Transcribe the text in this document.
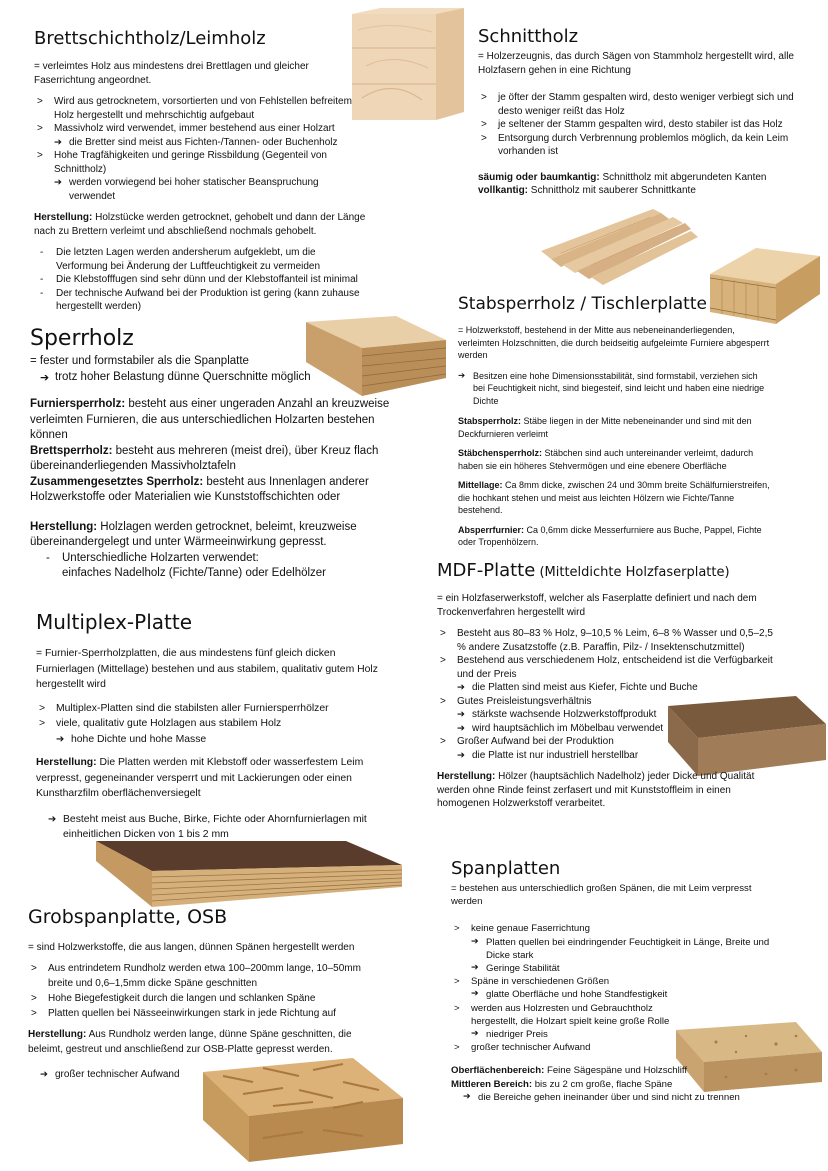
Brettschichtholz/Leimholz

= verleimtes Holz aus mindestens drei Brettlagen und gleicher Faserrichtung angeordnet.

> Wird aus getrocknetem, vorsortierten und von Fehlstellen befreitem Holz hergestellt und mehrschichtig aufgebaut
> Massivholz wird verwendet, immer bestehend aus einer Holzart
➔ die Bretter sind meist aus Fichten-/Tannen- oder Buchenholz
> Hohe Tragfähigkeiten und geringe Rissbildung (Gegenteil von Schnittholz)
➔ werden vorwiegend bei hoher statischer Beanspruchung verwendet

Herstellung: Holzstücke werden getrocknet, gehobelt und dann der Länge nach zu Brettern verleimt und abschließend nochmals gehobelt.

- Die letzten Lagen werden andersherum aufgeklebt, um die Verformung bei Änderung der Luftfeuchtigkeit zu vermeiden
- Die Klebstofffugen sind sehr dünn und der Klebstoffanteil ist minimal
- Der technische Aufwand bei der Produktion ist gering (kann zuhause hergestellt werden)
Schnittholz

= Holzerzeugnis, das durch Sägen von Stammholz hergestellt wird, alle Holzfasern gehen in eine Richtung

> je öfter der Stamm gespalten wird, desto weniger verbiegt sich und desto weniger reißt das Holz
> je seltener der Stamm gespalten wird, desto stabiler ist das Holz
> Entsorgung durch Verbrennung problemlos möglich, da kein Leim vorhanden ist

säumig oder baumkantig: Schnittholz mit abgerundeten Kanten

vollkantig: Schnittholz mit sauberer Schnittkante

Stabsperrholz / Tischlerplatte

= Holzwerkstoff, bestehend in der Mitte aus nebeneinanderliegenden, verleimten Holzschnitten, die durch beidseitig aufgeleimte Furniere abgesperrt werden

➔ Besitzen eine hohe Dimensionsstabilität, sind formstabil, verziehen sich bei Feuchtigkeit nicht, sind biegesteif, sind leicht und haben eine niedrige Dichte

Stabsperrholz: Stäbe liegen in der Mitte nebeneinander und sind mit den Deckfurnieren verleimt

Stäbchensperrholz: Stäbchen sind auch untereinander verleimt, dadurch haben sie ein höheres Stehvermögen und eine ebenere Oberfläche

Mittellage: Ca 8mm dicke, zwischen 24 und 30mm breite Schälfurnierstreifen, die hochkant stehen und meist aus leichten Hölzern wie Fichte/Tanne bestehend.

Absperrfurnier: Ca 0,6mm dicke Messerfurniere aus Buche, Pappel, Fichte oder Tropenhölzern.

Sperrholz

= fester und formstabiler als die Spanplatte

➔ trotz hoher Belastung dünne Querschnitte möglich

Furniersperrholz: besteht aus einer ungeraden Anzahl an kreuzweise verleimten Furnieren, die aus unterschiedlichen Holzarten bestehen können

Brettsperrholz: besteht aus mehreren (meist drei), über Kreuz flach übereinanderliegenden Massivholztafeln

Zusammengesetztes Sperrholz: besteht aus Innenlagen anderer Holzwerkstoffe oder Materialien wie Kunststoffschichten oder

Herstellung: Holzlagen werden getrocknet, beleimt, kreuzweise übereinandergelegt und unter Wärmeeinwirkung gepresst.

- Unterschiedliche Holzarten verwendet:
einfaches Nadelholz (Fichte/Tanne) oder Edelhölzer	MDF-Platte (Mitteldichte Holzfaserplatte)

= ein Holzfaserwerkstoff, welcher als Faserplatte definiert und nach dem Trockenverfahren hergestellt wird

> Besteht aus 80–83 % Holz, 9–10,5 % Leim, 6–8 % Wasser und 0,5–2,5 % andere Zusatzstoffe (z.B. Paraffin, Pilz- / Insektenschutzmittel)
> Bestehend aus verschiedenem Holz, entscheidend ist die Verfügbarkeit und der Preis
➔ die Platten sind meist aus Kiefer, Fichte und Buche
> Gutes Preisleistungsverhältnis
➔ stärkste wachsende Holzwerkstoffprodukt
➔ wird hauptsächlich im Möbelbau verwendet
> Großer Aufwand bei der Produktion
➔ die Platte ist nur industriell herstellbar

Herstellung: Hölzer (hauptsächlich Nadelholz) jeder Dicke und Qualität werden ohne Rinde feinst zerfasert und mit Kunststoffleim in einen homogenen Holzwerkstoff verarbeitet.

Multiplex-Platte

= Furnier-Sperrholzplatten, die aus mindestens fünf gleich dicken Furnierlagen (Mittellage) bestehen und aus stabilem, qualitativ gutem Holz hergestellt wird

> Multiplex-Platten sind die stabilsten aller Furniersperrhölzer
> viele, qualitativ gute Holzlagen aus stabilem Holz
➔ hohe Dichte und hohe Masse

Herstellung: Die Platten werden mit Klebstoff oder wasserfestem Leim verpresst, gegeneinander versperrt und mit Lackierungen oder einen Kunstharzfilm oberflächenversiegelt

➔ Besteht meist aus Buche, Birke, Fichte oder Ahornfurnierlagen mit einheitlichen Dicken von 1 bis 2 mm
Spanplatten

= bestehen aus unterschiedlich großen Spänen, die mit Leim verpresst werden

> keine genaue Faserrichtung
➔ Platten quellen bei eindringender Feuchtigkeit in Länge, Breite und Dicke stark
➔ Geringe Stabilität
> Späne in verschiedenen Größen
➔ glatte Oberfläche und hohe Standfestigkeit
> werden aus Holzresten und Gebrauchtholz hergestellt, die Holzart spielt keine große Rolle
➔ niedriger Preis
> großer technischer Aufwand

Oberflächenbereich: Feine Sägespäne und Holzschliff

Mittleren Bereich: bis zu 2 cm große, flache Späne

➔ die Bereiche gehen ineinander über und sind nicht zu trennen
Grobspanplatte, OSB

= sind Holzwerkstoffe, die aus langen, dünnen Spänen hergestellt werden

> Aus entrindetem Rundholz werden etwa 100–200mm lange, 10–50mm breite und 0,6–1,5mm dicke Späne geschnitten
> Hohe Biegefestigkeit durch die langen und schlanken Späne
> Platten quellen bei Nässeeinwirkungen stark in jede Richtung auf

Herstellung: Aus Rundholz werden lange, dünne Späne geschnitten, die beleimt, gestreut und anschließend zur OSB-Platte gepresst werden.

➔ großer technischer Aufwand
